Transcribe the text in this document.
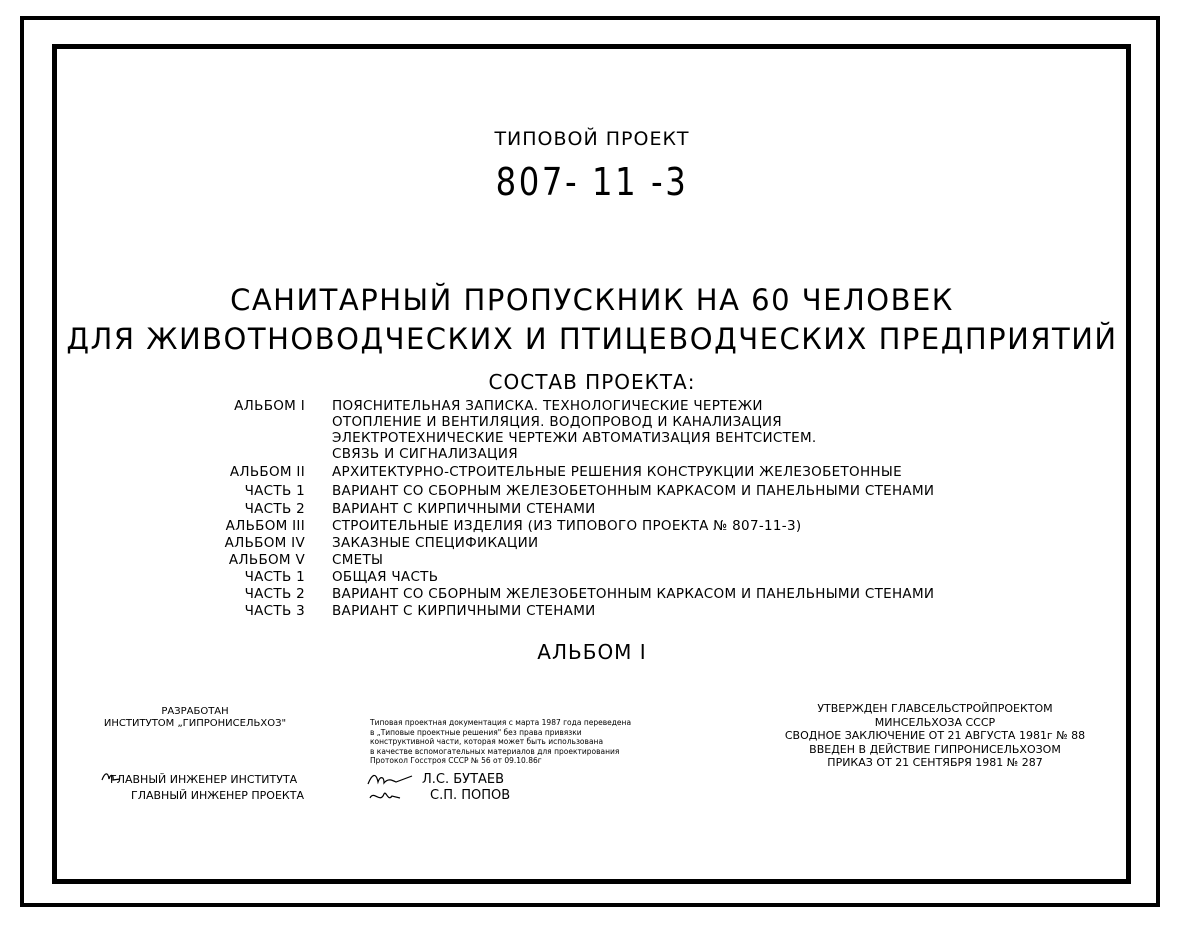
ТИПОВОЙ ПРОЕКТ
807- 11 -3
САНИТАРНЫЙ ПРОПУСКНИК НА 60 ЧЕЛОВЕК
ДЛЯ ЖИВОТНОВОДЧЕСКИХ И ПТИЦЕВОДЧЕСКИХ ПРЕДПРИЯТИЙ
СОСТАВ ПРОЕКТА:
АЛЬБОМ I ПОЯСНИТЕЛЬНАЯ ЗАПИСКА. ТЕХНОЛОГИЧЕСКИЕ ЧЕРТЕЖИ
ОТОПЛЕНИЕ И ВЕНТИЛЯЦИЯ. ВОДОПРОВОД И КАНАЛИЗАЦИЯ
ЭЛЕКТРОТЕХНИЧЕСКИЕ ЧЕРТЕЖИ АВТОМАТИЗАЦИЯ ВЕНТСИСТЕМ.
СВЯЗЬ И СИГНАЛИЗАЦИЯ
АЛЬБОМ II АРХИТЕКТУРНО-СТРОИТЕЛЬНЫЕ РЕШЕНИЯ КОНСТРУКЦИИ ЖЕЛЕЗОБЕТОННЫЕ
ЧАСТЬ 1 ВАРИАНТ СО СБОРНЫМ ЖЕЛЕЗОБЕТОННЫМ КАРКАСОМ И ПАНЕЛЬНЫМИ СТЕНАМИ
ЧАСТЬ 2 ВАРИАНТ С КИРПИЧНЫМИ СТЕНАМИ
АЛЬБОМ III СТРОИТЕЛЬНЫЕ ИЗДЕЛИЯ (ИЗ ТИПОВОГО ПРОЕКТА № 807-11-3)
АЛЬБОМ IV ЗАКАЗНЫЕ СПЕЦИФИКАЦИИ
АЛЬБОМ V СМЕТЫ
ЧАСТЬ 1 ОБЩАЯ ЧАСТЬ
ЧАСТЬ 2 ВАРИАНТ СО СБОРНЫМ ЖЕЛЕЗОБЕТОННЫМ КАРКАСОМ И ПАНЕЛЬНЫМИ СТЕНАМИ
ЧАСТЬ 3 ВАРИАНТ С КИРПИЧНЫМИ СТЕНАМИ
АЛЬБОМ I
РАЗРАБОТАН
ИНСТИТУТОМ „ГИПРОНИСЕЛЬХОЗ"	Типовая проектная документация с марта 1987 года переведена
в „Типовые проектные решения" без права привязки
конструктивной части, которая может быть использована
в качестве вспомогательных материалов для проектирования
Протокол Госстроя СССР № 56 от 09.10.86г
УТВЕРЖДЕН ГЛАВСЕЛЬСТРОЙПРОЕКТОМ
МИНСЕЛЬХОЗА СССР
СВОДНОЕ ЗАКЛЮЧЕНИЕ ОТ 21 АВГУСТА 1981г № 88
ВВЕДЕН В ДЕЙСТВИЕ ГИПРОНИСЕЛЬХОЗОМ
ПРИКАЗ ОТ 21 СЕНТЯБРЯ 1981 № 287
ГЛАВНЫЙ ИНЖЕНЕР ИНСТИТУТА
ГЛАВНЫЙ ИНЖЕНЕР ПРОЕКТА
Л.С. БУТАЕВ
С.П. ПОПОВ
